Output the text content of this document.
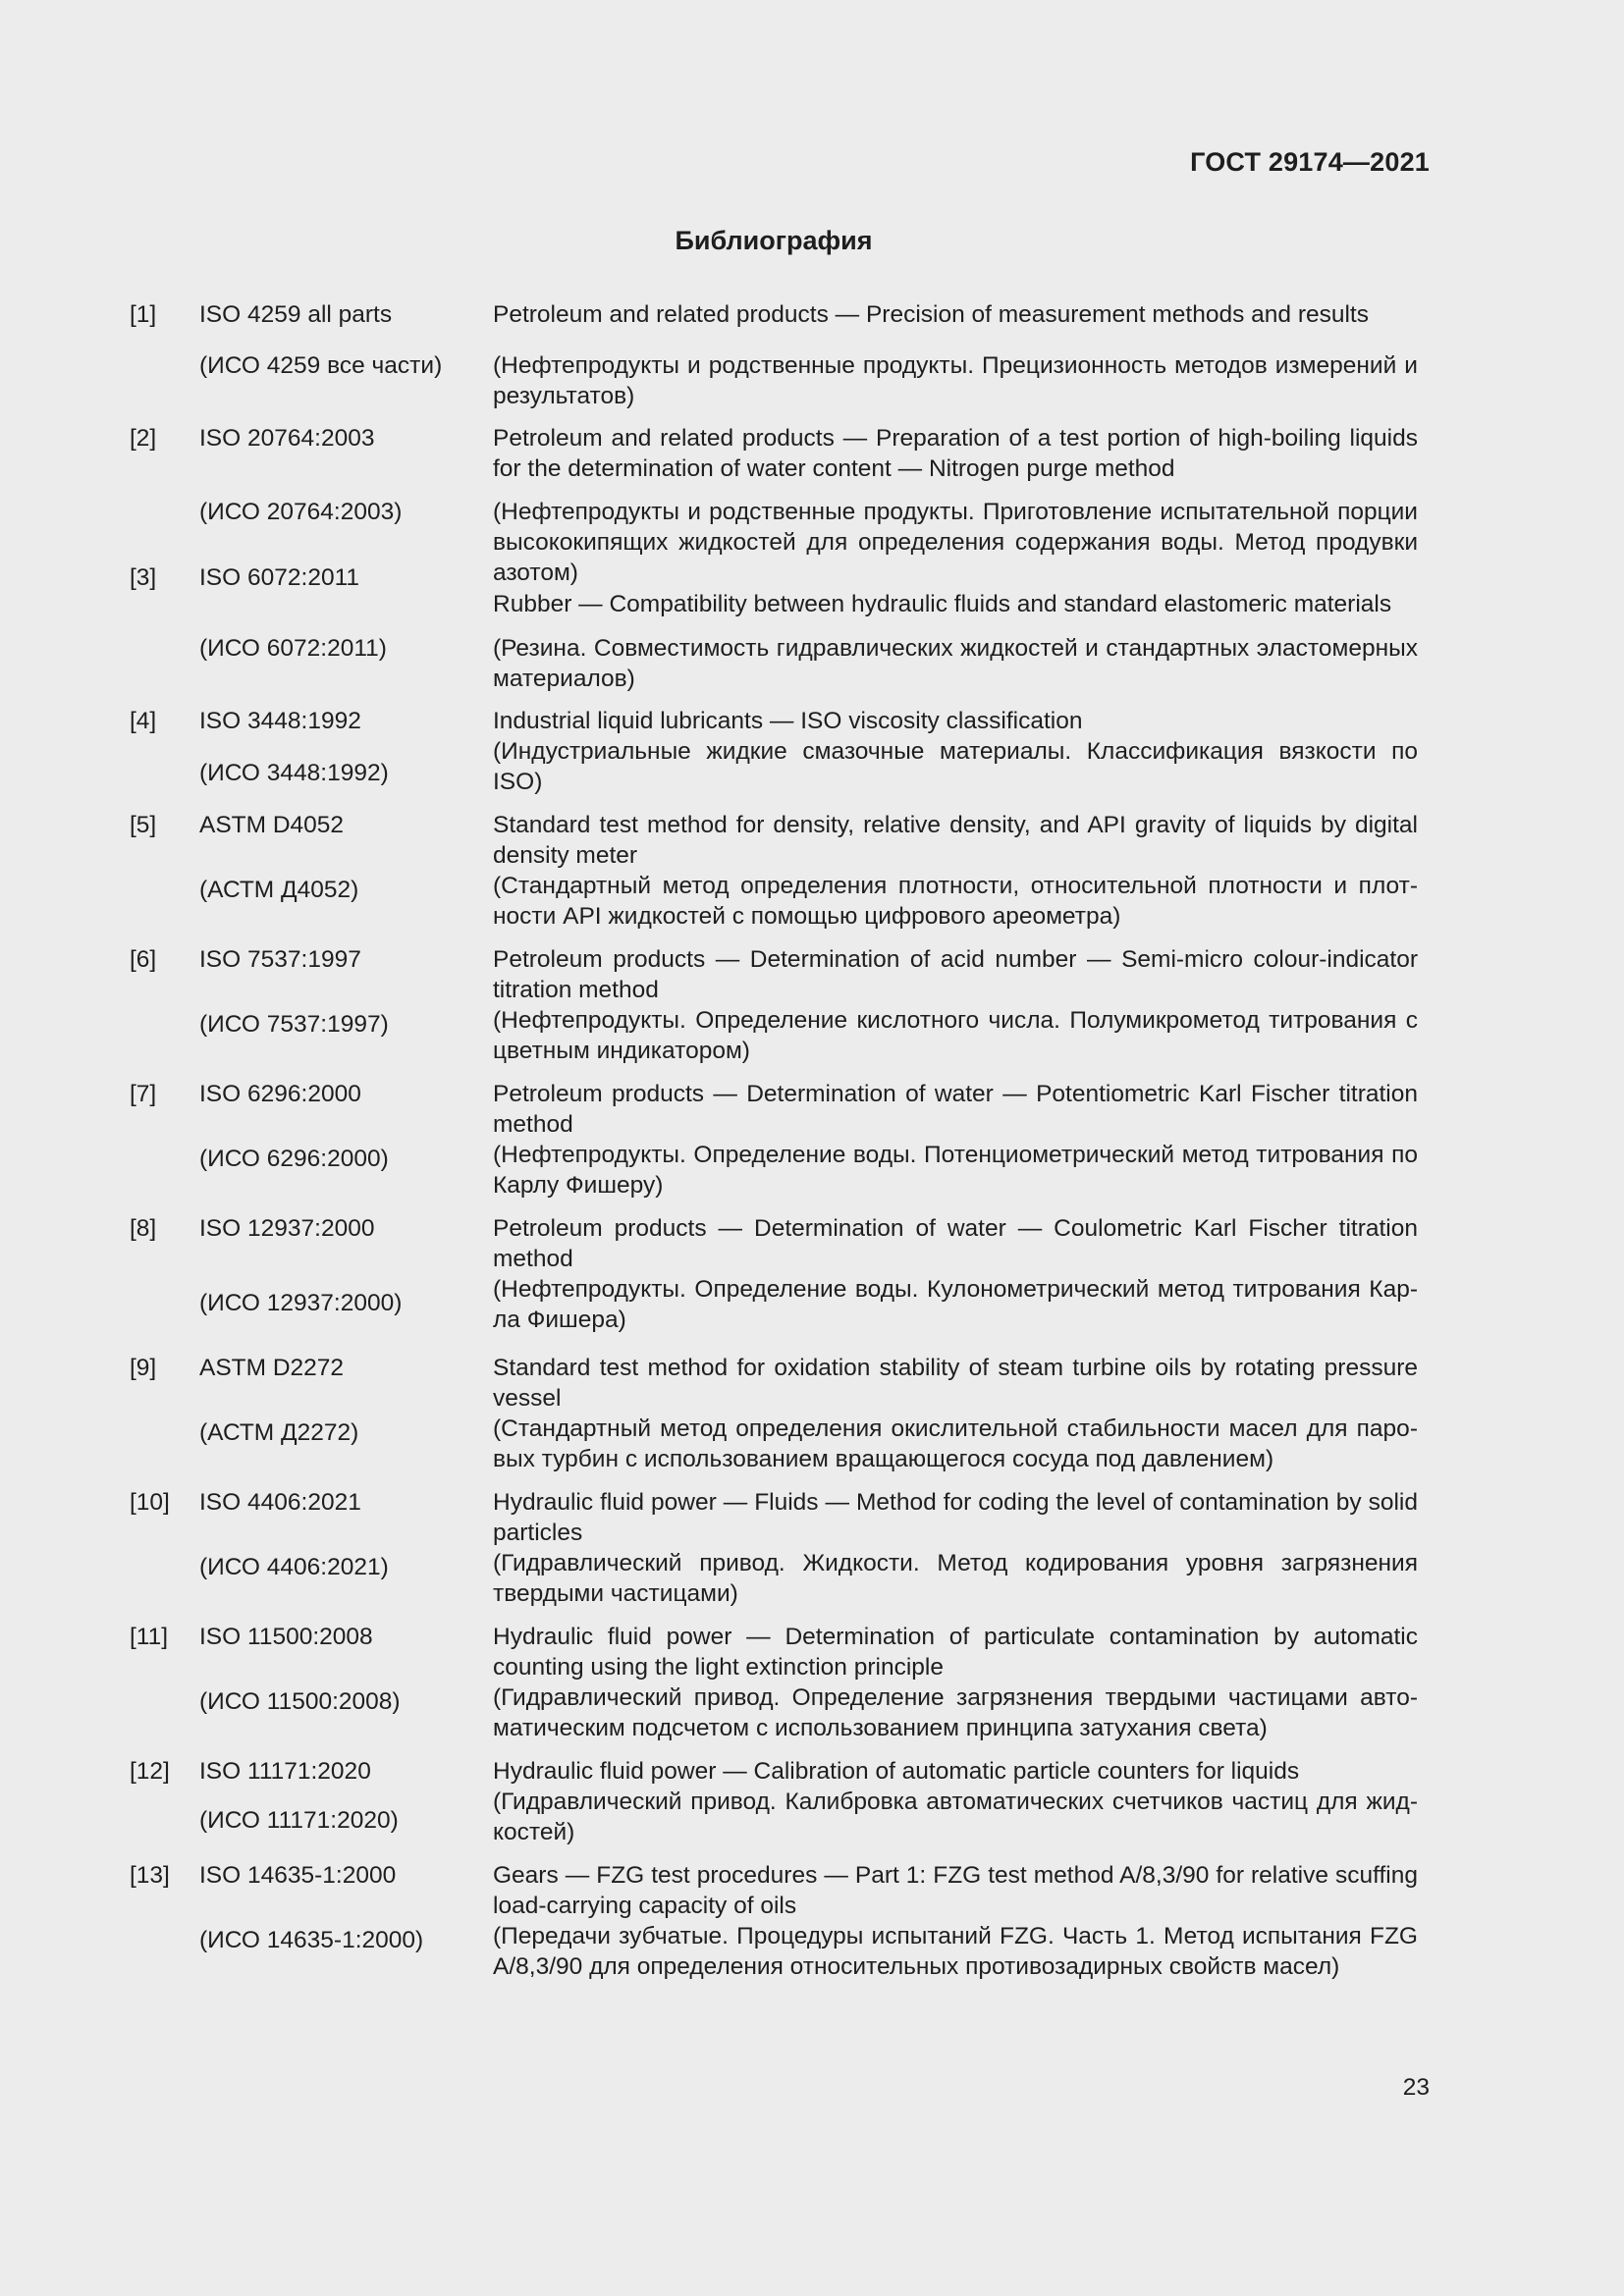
ГОСТ 29174—2021
Библиография
[1] ISO 4259 all parts
(ИСО 4259 все части)
Petroleum and related products — Precision of measurement methods and results
(Нефтепродукты и родственные продукты. Прецизионность методов измерений и результатов)
[2] ISO 20764:2003
(ИСО 20764:2003)
Petroleum and related products — Preparation of a test portion of high-boiling liquids for the determination of water content — Nitrogen purge method
(Нефтепродукты и родственные продукты. Приготовление испытательной порции высококипящих жидкостей для определения содержания воды. Метод продувки азотом)
[3] ISO 6072:2011
(ИСО 6072:2011)
Rubber — Compatibility between hydraulic fluids and standard elastomeric materials
(Резина. Совместимость гидравлических жидкостей и стандартных эластомерных материалов)
[4] ISO 3448:1992
(ИСО 3448:1992)
Industrial liquid lubricants — ISO viscosity classification
(Индустриальные жидкие смазочные материалы. Классификация вязкости по ISO)
[5] ASTM D4052
(АСТМ Д4052)
Standard test method for density, relative density, and API gravity of liquids by digital density meter
(Стандартный метод определения плотности, относительной плотности и плотности API жидкостей с помощью цифрового ареометра)
[6] ISO 7537:1997
(ИСО 7537:1997)
Petroleum products — Determination of acid number — Semi-micro colour-indicator titration method
(Нефтепродукты. Определение кислотного числа. Полумикрометод титрования с цветным индикатором)
[7] ISO 6296:2000
(ИСО 6296:2000)
Petroleum products — Determination of water — Potentiometric Karl Fischer titration method
(Нефтепродукты. Определение воды. Потенциометрический метод титрования по Карлу Фишеру)
[8] ISO 12937:2000
(ИСО 12937:2000)
Petroleum products — Determination of water — Coulometric Karl Fischer titration method
(Нефтепродукты. Определение воды. Кулонометрический метод титрования Карла Фишера)
[9] ASTM D2272
(АСТМ Д2272)
Standard test method for oxidation stability of steam turbine oils by rotating pressure vessel
(Стандартный метод определения окислительной стабильности масел для паровых турбин с использованием вращающегося сосуда под давлением)
[10] ISO 4406:2021
(ИСО 4406:2021)
Hydraulic fluid power — Fluids — Method for coding the level of contamination by solid particles
(Гидравлический привод. Жидкости. Метод кодирования уровня загрязнения твердыми частицами)
[11] ISO 11500:2008
(ИСО 11500:2008)
Hydraulic fluid power — Determination of particulate contamination by automatic counting using the light extinction principle
(Гидравлический привод. Определение загрязнения твердыми частицами автоматическим подсчетом с использованием принципа затухания света)
[12] ISO 11171:2020
(ИСО 11171:2020)
Hydraulic fluid power — Calibration of automatic particle counters for liquids
(Гидравлический привод. Калибровка автоматических счетчиков частиц для жидкостей)
[13] ISO 14635-1:2000
(ИСО 14635-1:2000)
Gears — FZG test procedures — Part 1: FZG test method A/8,3/90 for relative scuffing load-carrying capacity of oils
(Передачи зубчатые. Процедуры испытаний FZG. Часть 1. Метод испытания FZG A/8,3/90 для определения относительных противозадирных свойств масел)
23
